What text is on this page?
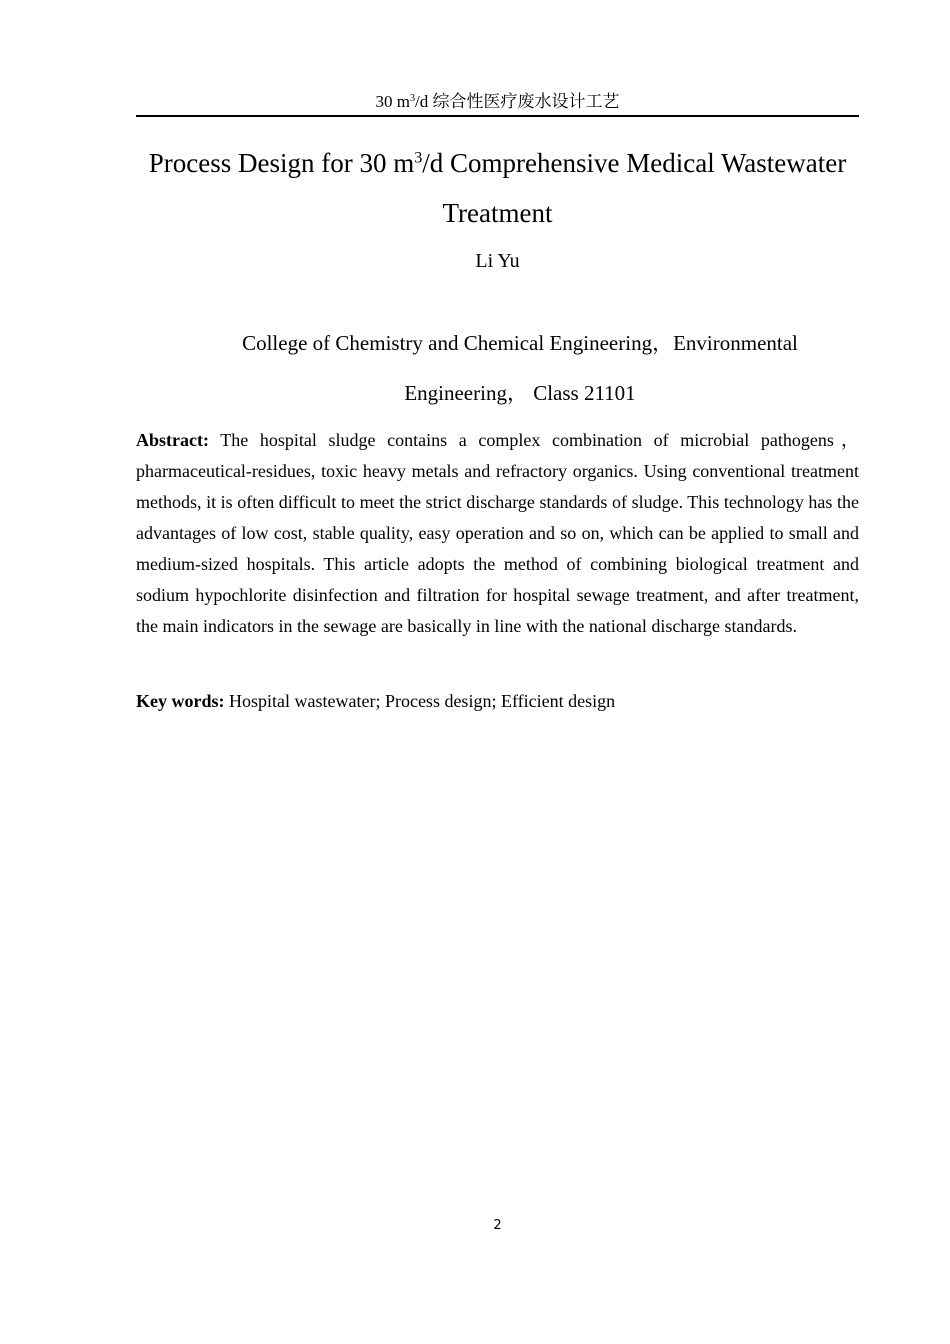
30 $m^3/d$ 综合性医疗废水设计工艺
Process Design for 30 $m^3/d$ Comprehensive Medical Wastewater Treatment
Li Yu
College of Chemistry and Chemical Engineering，Environmental
Engineering， Class 21101
Abstract: The hospital sludge contains a complex combination of microbial pathogens，pharmaceutical-residues, toxic heavy metals and refractory organics. Using conventional treatment methods, it is often difficult to meet the strict discharge standards of sludge. This technology has the advantages of low cost, stable quality, easy operation and so on, which can be applied to small and medium-sized hospitals. This article adopts the method of combining biological treatment and sodium hypochlorite disinfection and filtration for hospital sewage treatment, and after treatment, the main indicators in the sewage are basically in line with the national discharge standards.
Key words: Hospital wastewater; Process design; Efficient design
2
